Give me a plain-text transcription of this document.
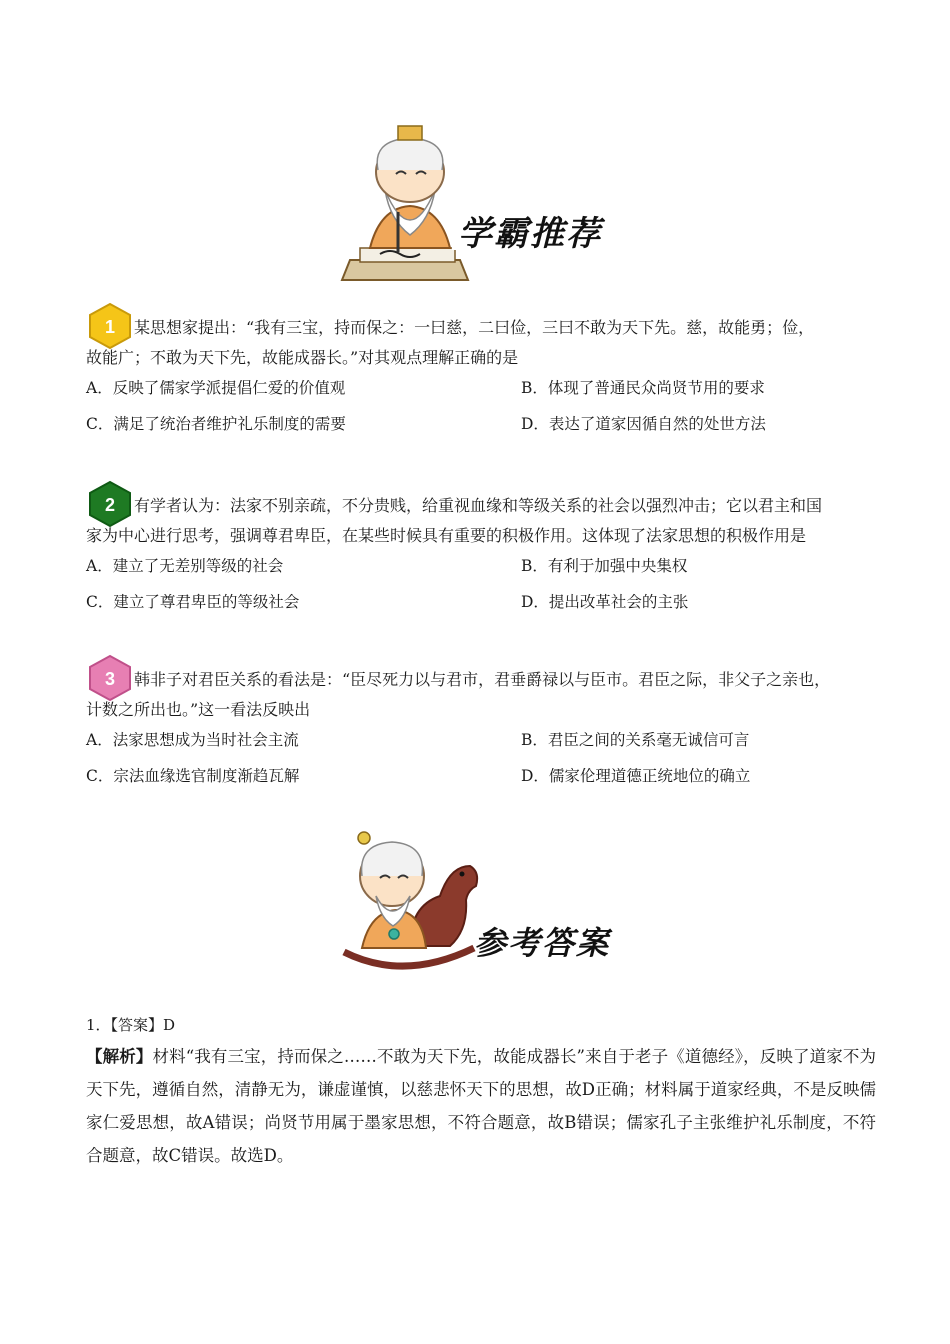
学霸推荐
1 某思想家提出：“我有三宝，持而保之：一曰慈，二曰俭，三曰不敢为天下先。慈，故能勇；俭，
故能广；不敢为天下先，故能成器长。”对其观点理解正确的是
A．反映了儒家学派提倡仁爱的价值观	B．体现了普通民众尚贤节用的要求
C．满足了统治者维护礼乐制度的需要	D．表达了道家因循自然的处世方法
2 有学者认为：法家不别亲疏，不分贵贱，给重视血缘和等级关系的社会以强烈冲击；它以君主和国
家为中心进行思考，强调尊君卑臣，在某些时候具有重要的积极作用。这体现了法家思想的积极作用是
A．建立了无差别等级的社会	B．有利于加强中央集权
C．建立了尊君卑臣的等级社会	D．提出改革社会的主张
3 韩非子对君臣关系的看法是：“臣尽死力以与君市，君垂爵禄以与臣市。君臣之际，非父子之亲也，
计数之所出也。”这一看法反映出
A．法家思想成为当时社会主流	B．君臣之间的关系毫无诚信可言
C．宗法血缘选官制度渐趋瓦解	D．儒家伦理道德正统地位的确立
参考答案
1．【答案】D
【解析】材料“我有三宝，持而保之……不敢为天下先，故能成器长”来自于老子《道德经》，反映了道家不为天下先，遵循自然，清静无为，谦虚谨慎，以慈悲怀天下的思想，故D正确；材料属于道家经典，不是反映儒家仁爱思想，故A错误；尚贤节用属于墨家思想，不符合题意，故B错误；儒家孔子主张维护礼乐制度，不符合题意，故C错误。故选D。
